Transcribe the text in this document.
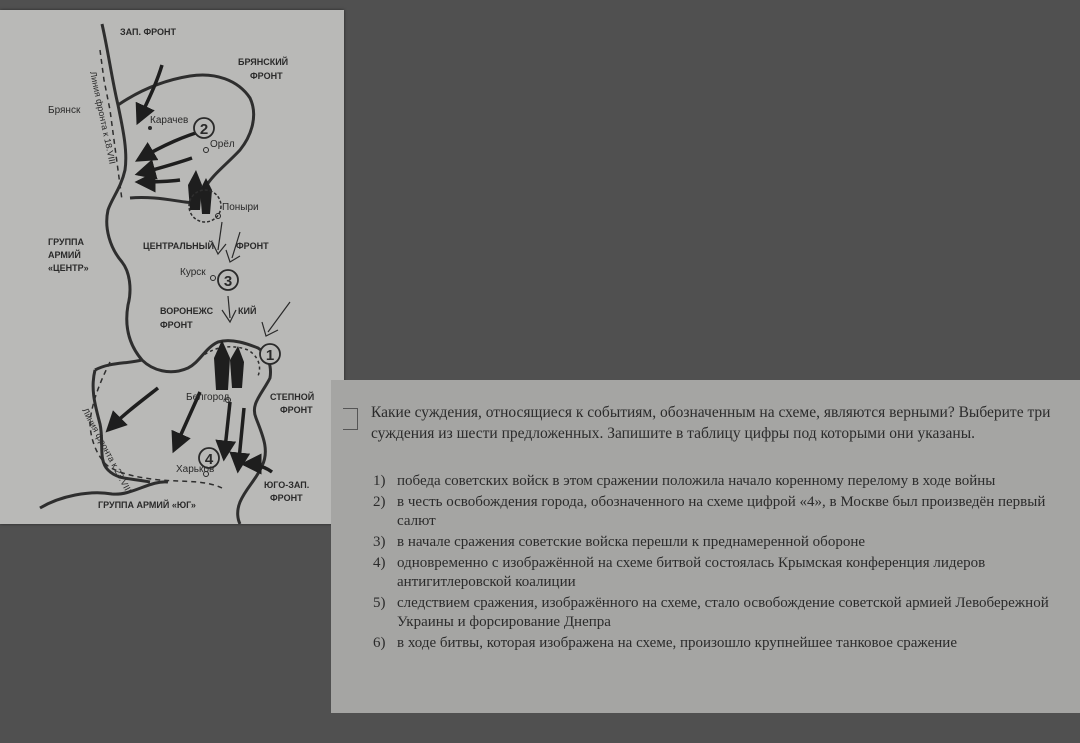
1
2
3
4
ЗАП. ФРОНТ
БРЯНСКИЙ
ФРОНТ
Брянск
Карачев
Орёл
Поныри
Линия фронта к 18.VIII
ГРУППА
АРМИЙ
«ЦЕНТР»
ЦЕНТРАЛЬНЫЙ ФРОНТ
Курск
ВОРОНЕЖС	КИЙ
ФРОНТ
Белгород	СТЕПНОЙ
ФРОНТ
Линия фронта к 23.VIII	Харьков
ЮГО-ЗАП.
ФРОНТ
ГРУППА АРМИЙ «ЮГ»

Какие суждения, относящиеся к событиям, обозначенным на схеме, являются верными? Выберите три суждения из шести предложенных. Запишите в таблицу цифры под которыми они указаны.

1) победа советских войск в этом сражении положила начало коренному перелому в ходе войны
2) в честь освобождения города, обозначенного на схеме цифрой «4», в Москве был произведён первый салют
3) в начале сражения советские войска перешли к преднамеренной обороне
4) одновременно с изображённой на схеме битвой состоялась Крымская конференция лидеров антигитлеровской коалиции
5) следствием сражения, изображённого на схеме, стало освобождение советской армией Левобережной Украины и форсирование Днепра
6) в ходе битвы, которая изображена на схеме, произошло крупнейшее танковое сражение
